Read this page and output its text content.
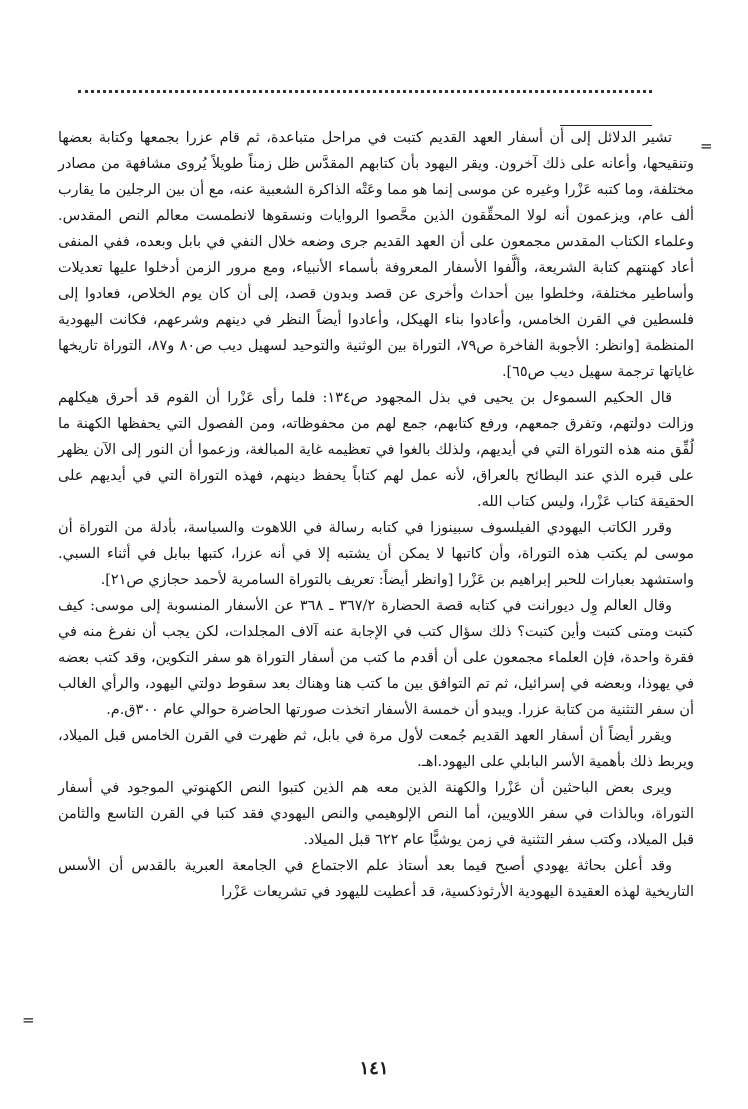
=

تشير الدلائل إلى أن أسفار العهد القديم كتبت في مراحل متباعدة، ثم قام عزرا بجمعها وكتابة بعضها وتنقيحها، وأعانه على ذلك آخرون. ويقر اليهود بأن كتابهم المقدَّس ظل زمناً طويلاً يُروى مشافهة من مصادر مختلفة، وما كتبه عَزْرا وغيره عن موسى إنما هو مما وعَتْه الذاكرة الشعبية عنه، مع أن بين الرجلين ما يقارب ألف عام، ويزعمون أنه لولا المحقِّقون الذين محَّصوا الروايات ونسقوها لانطمست معالم النص المقدس. وعلماء الكتاب المقدس مجمعون على أن العهد القديم جرى وضعه خلال النفي في بابل وبعده، ففي المنفى أعاد كهنتهم كتابة الشريعة، وألَّفوا الأسفار المعروفة بأسماء الأنبياء، ومع مرور الزمن أدخلوا عليها تعديلات وأساطير مختلفة، وخلطوا بين أحداث وأخرى عن قصد وبدون قصد، إلى أن كان يوم الخلاص، فعادوا إلى فلسطين في القرن الخامس، وأعادوا بناء الهيكل، وأعادوا أيضاً النظر في دينهم وشرعهم، فكانت اليهودية المنظمة [وانظر: الأجوبة الفاخرة ص٧٩، التوراة بين الوثنية والتوحيد لسهيل ديب ص٨٠ و٨٧، التوراة تاريخها غاياتها ترجمة سهيل ديب ص٦٥].

قال الحكيم السموءل بن يحيى في بذل المجهود ص١٣٤: فلما رأى عَزْرا أن القوم قد أحرق هيكلهم وزالت دولتهم، وتفرق جمعهم، ورفع كتابهم، جمع لهم من محفوظاته، ومن الفصول التي يحفظها الكهنة ما لُفِّق منه هذه التوراة التي في أيديهم، ولذلك بالغوا في تعظيمه غاية المبالغة، وزعموا أن النور إلى الآن يظهر على قبره الذي عند البطائح بالعراق، لأنه عمل لهم كتاباً يحفظ دينهم، فهذه التوراة التي في أيديهم على الحقيقة كتاب عَزْرا، وليس كتاب الله.

وقرر الكاتب اليهودي الفيلسوف سبينوزا في كتابه رسالة في اللاهوت والسياسة، بأدلة من التوراة أن موسى لم يكتب هذه التوراة، وأن كاتبها لا يمكن أن يشتبه إلا في أنه عزرا، كتبها ببابل في أثناء السبي. واستشهد بعبارات للحبر إبراهيم بن عَزْرا [وانظر أيضاً: تعريف بالتوراة السامرية لأحمد حجازي ص٢١].

وقال العالم وِل ديورانت في كتابه قصة الحضارة ٣٦٧/٢ ـ ٣٦٨ عن الأسفار المنسوبة إلى موسى: كيف كتبت ومتى كتبت وأين كتبت؟ ذلك سؤال كتب في الإجابة عنه آلاف المجلدات، لكن يجب أن نفرغ منه في فقرة واحدة، فإن العلماء مجمعون على أن أقدم ما كتب من أسفار التوراة هو سفر التكوين، وقد كتب بعضه في يهوذا، وبعضه في إسرائيل، ثم تم التوافق بين ما كتب هنا وهناك بعد سقوط دولتي اليهود، والرأي الغالب أن سفر التثنية من كتابة عزرا. ويبدو أن خمسة الأسفار اتخذت صورتها الحاضرة حوالي عام ٣٠٠ق.م.

ويقرر أيضاً أن أسفار العهد القديم جُمعت لأول مرة في بابل، ثم ظهرت في القرن الخامس قبل الميلاد، ويربط ذلك بأهمية الأسر البابلي على اليهود.اهـ.

ويرى بعض الباحثين أن عَزْرا والكهنة الذين معه هم الذين كتبوا النص الكهنوتي الموجود في أسفار التوراة، وبالذات في سفر اللاويين، أما النص الإلوهيمي والنص اليهودي فقد كتبا في القرن التاسع والثامن قبل الميلاد، وكتب سفر التثنية في زمن يوشيًّا عام ٦٢٢ قبل الميلاد.

وقد أعلن بحاثة يهودي أصبح فيما بعد أستاذ علم الاجتماع في الجامعة العبرية بالقدس أن الأسس التاريخية لهذه العقيدة اليهودية الأرثوذكسية، قد أعطيت لليهود في تشريعات عَزْرا

=
١٤١
